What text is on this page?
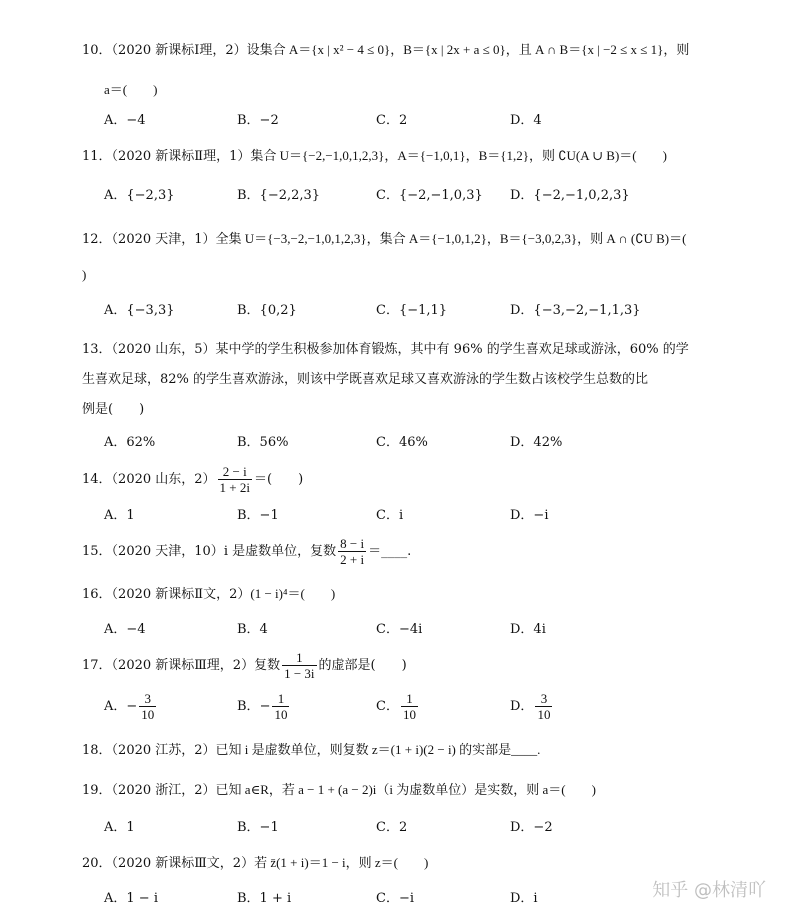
10．（2020 新课标Ⅰ理，2）设集合 A＝{x | x² − 4 ≤ 0}，B＝{x | 2x + a ≤ 0}，且 A ∩ B＝{x | −2 ≤ x ≤ 1}，则
a＝(　　)
A．−4	B．−2	C．2	D．4
11．（2020 新课标Ⅱ理，1）集合 U＝{−2,−1,0,1,2,3}，A＝{−1,0,1}，B＝{1,2}，则 ∁U(A ∪ B)＝(　　)
A．{−2,3}	B．{−2,2,3}	C．{−2,−1,0,3} D．{−2,−1,0,2,3}
12．（2020 天津，1）全集 U＝{−3,−2,−1,0,1,2,3}，集合 A＝{−1,0,1,2}，B＝{−3,0,2,3}，则 A ∩ (∁U B)＝(
)
A．{−3,3}	B．{0,2}	C．{−1,1}	D．{−3,−2,−1,1,3}
13．（2020 山东，5）某中学的学生积极参加体育锻炼，其中有 96% 的学生喜欢足球或游泳，60% 的学
生喜欢足球，82% 的学生喜欢游泳，则该中学既喜欢足球又喜欢游泳的学生数占该校学生总数的比
例是(　　)
A．62%	B．56%	C．46%	D．42%
14．（2020 山东，$2) \frac{2 - i}{1 + 2i}$ ＝(　　)
A．1	B．−1	C．i	D．−i
15．（2020 天津，10）i 是虚数单位，复数 $\frac{8 - i}{2 + i}$ ＝____.
16．（2020 新课标Ⅱ文，2）(1 − i)⁴＝(　　)
A．−4	B．4	C．−4i	D．4i
17．（2020 新课标Ⅲ理，2）复数 $\frac{1}{1 - 3i}$ 的虚部是(　　)
A．− $\frac{3}{10}$	B．− $\frac{1}{10}$	C． $\frac{1}{10}$	D． $\frac{3}{10}$
18．（2020 江苏，2）已知 i 是虚数单位，则复数 z＝(1 + i)(2 − i) 的实部是____.
19．（2020 浙江，2）已知 a∈R，若 a − 1 + (a − 2)i（i 为虚数单位）是实数，则 a＝(　　)
A．1	B．−1	C．2	D．−2
20．（2020 新课标Ⅲ文，2）若 z̄(1 + i)＝1 − i，则 z＝(　　)
A．1 − i	B．1 + i	C．−i	D．i	知乎 @林清吖
